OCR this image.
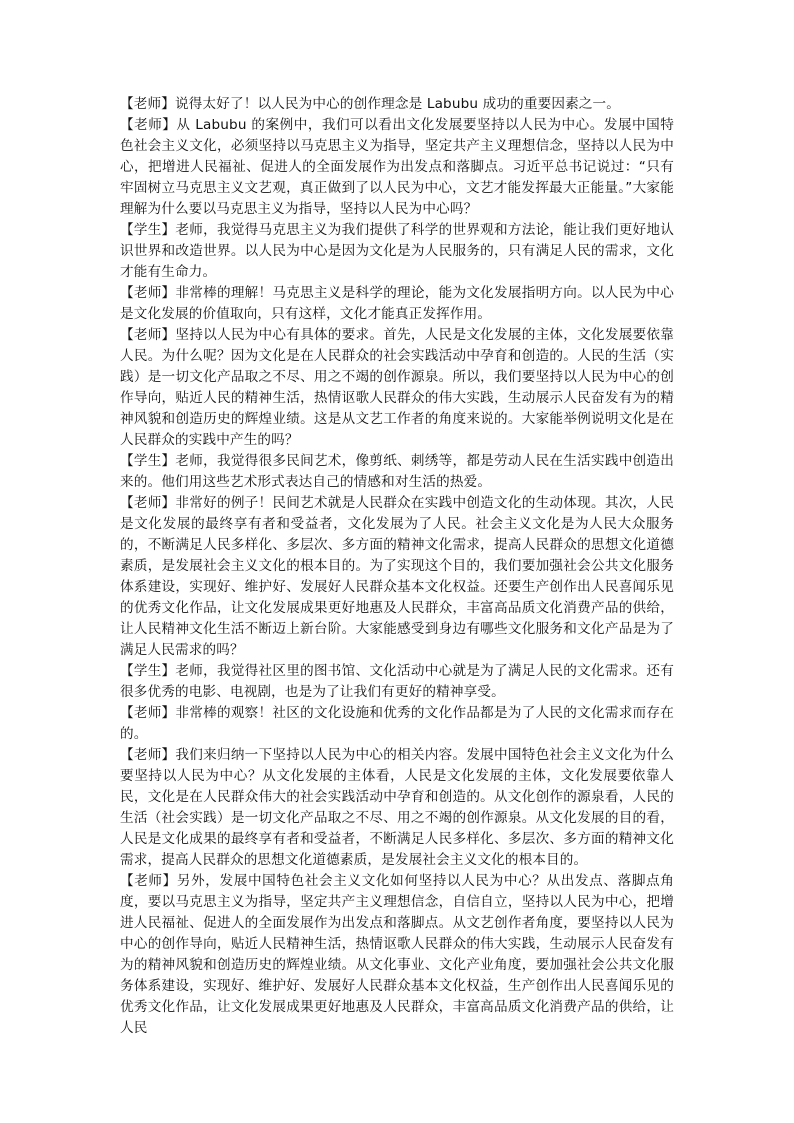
【老师】说得太好了！以人民为中心的创作理念是 Labubu 成功的重要因素之一。

【老师】从 Labubu 的案例中，我们可以看出文化发展要坚持以人民为中心。发展中国特色社会主义文化，必须坚持以马克思主义为指导，坚定共产主义理想信念，坚持以人民为中心，把增进人民福祉、促进人的全面发展作为出发点和落脚点。习近平总书记说过：“只有牢固树立马克思主义文艺观，真正做到了以人民为中心，文艺才能发挥最大正能量。”大家能理解为什么要以马克思主义为指导，坚持以人民为中心吗？

【学生】老师，我觉得马克思主义为我们提供了科学的世界观和方法论，能让我们更好地认识世界和改造世界。以人民为中心是因为文化是为人民服务的，只有满足人民的需求，文化才能有生命力。

【老师】非常棒的理解！马克思主义是科学的理论，能为文化发展指明方向。以人民为中心是文化发展的价值取向，只有这样，文化才能真正发挥作用。

【老师】坚持以人民为中心有具体的要求。首先，人民是文化发展的主体，文化发展要依靠人民。为什么呢？因为文化是在人民群众的社会实践活动中孕育和创造的。人民的生活（实践）是一切文化产品取之不尽、用之不竭的创作源泉。所以，我们要坚持以人民为中心的创作导向，贴近人民的精神生活，热情讴歌人民群众的伟大实践，生动展示人民奋发有为的精神风貌和创造历史的辉煌业绩。这是从文艺工作者的角度来说的。大家能举例说明文化是在人民群众的实践中产生的吗？

【学生】老师，我觉得很多民间艺术，像剪纸、刺绣等，都是劳动人民在生活实践中创造出来的。他们用这些艺术形式表达自己的情感和对生活的热爱。

【老师】非常好的例子！民间艺术就是人民群众在实践中创造文化的生动体现。其次，人民是文化发展的最终享有者和受益者，文化发展为了人民。社会主义文化是为人民大众服务的，不断满足人民多样化、多层次、多方面的精神文化需求，提高人民群众的思想文化道德素质，是发展社会主义文化的根本目的。为了实现这个目的，我们要加强社会公共文化服务体系建设，实现好、维护好、发展好人民群众基本文化权益。还要生产创作出人民喜闻乐见的优秀文化作品，让文化发展成果更好地惠及人民群众，丰富高品质文化消费产品的供给，让人民精神文化生活不断迈上新台阶。大家能感受到身边有哪些文化服务和文化产品是为了满足人民需求的吗？

【学生】老师，我觉得社区里的图书馆、文化活动中心就是为了满足人民的文化需求。还有很多优秀的电影、电视剧，也是为了让我们有更好的精神享受。

【老师】非常棒的观察！社区的文化设施和优秀的文化作品都是为了人民的文化需求而存在的。

【老师】我们来归纳一下坚持以人民为中心的相关内容。发展中国特色社会主义文化为什么要坚持以人民为中心？从文化发展的主体看，人民是文化发展的主体，文化发展要依靠人民，文化是在人民群众伟大的社会实践活动中孕育和创造的。从文化创作的源泉看，人民的生活（社会实践）是一切文化产品取之不尽、用之不竭的创作源泉。从文化发展的目的看，人民是文化成果的最终享有者和受益者，不断满足人民多样化、多层次、多方面的精神文化需求，提高人民群众的思想文化道德素质，是发展社会主义文化的根本目的。

【老师】另外，发展中国特色社会主义文化如何坚持以人民为中心？从出发点、落脚点角度，要以马克思主义为指导，坚定共产主义理想信念，自信自立，坚持以人民为中心，把增进人民福祉、促进人的全面发展作为出发点和落脚点。从文艺创作者角度，要坚持以人民为中心的创作导向，贴近人民精神生活，热情讴歌人民群众的伟大实践，生动展示人民奋发有为的精神风貌和创造历史的辉煌业绩。从文化事业、文化产业角度，要加强社会公共文化服务体系建设，实现好、维护好、发展好人民群众基本文化权益，生产创作出人民喜闻乐见的优秀文化作品，让文化发展成果更好地惠及人民群众，丰富高品质文化消费产品的供给，让人民
